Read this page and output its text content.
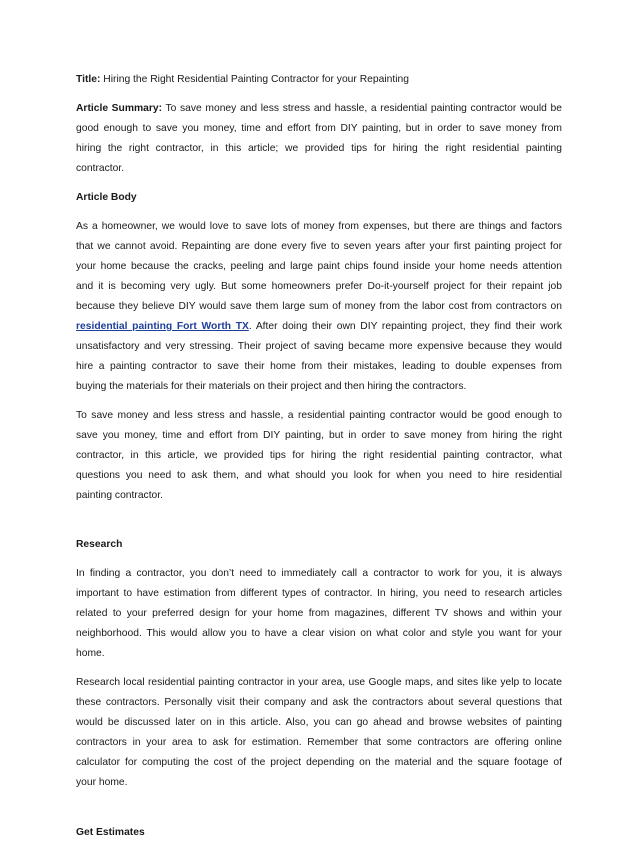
Title: Hiring the Right Residential Painting Contractor for your Repainting
Article Summary: To save money and less stress and hassle, a residential painting contractor would be
good enough to save you money, time and effort from DIY painting, but in order to save money from
hiring the right contractor, in this article; we provided tips for hiring the right residential painting
contractor.
Article Body
As a homeowner, we would love to save lots of money from expenses, but there are things and factors
that we cannot avoid. Repainting are done every five to seven years after your first painting project for
your home because the cracks, peeling and large paint chips found inside your home needs attention
and it is becoming very ugly. But some homeowners prefer Do-it-yourself project for their repaint job
because they believe DIY would save them large sum of money from the labor cost from contractors on
residential painting Fort Worth TX. After doing their own DIY repainting project, they find their work
unsatisfactory and very stressing. Their project of saving became more expensive because they would
hire a painting contractor to save their home from their mistakes, leading to double expenses from
buying the materials for their materials on their project and then hiring the contractors.
To save money and less stress and hassle, a residential painting contractor would be good enough to
save you money, time and effort from DIY painting, but in order to save money from hiring the right
contractor, in this article, we provided tips for hiring the right residential painting contractor, what
questions you need to ask them, and what should you look for when you need to hire residential
painting contractor.
Research
In finding a contractor, you don’t need to immediately call a contractor to work for you, it is always
important to have estimation from different types of contractor. In hiring, you need to research articles
related to your preferred design for your home from magazines, different TV shows and within your
neighborhood. This would allow you to have a clear vision on what color and style you want for your
home.
Research local residential painting contractor in your area, use Google maps, and sites like yelp to locate
these contractors. Personally visit their company and ask the contractors about several questions that
would be discussed later on in this article. Also, you can go ahead and browse websites of painting
contractors in your area to ask for estimation. Remember that some contractors are offering online
calculator for computing the cost of the project depending on the material and the square footage of
your home.
Get Estimates
